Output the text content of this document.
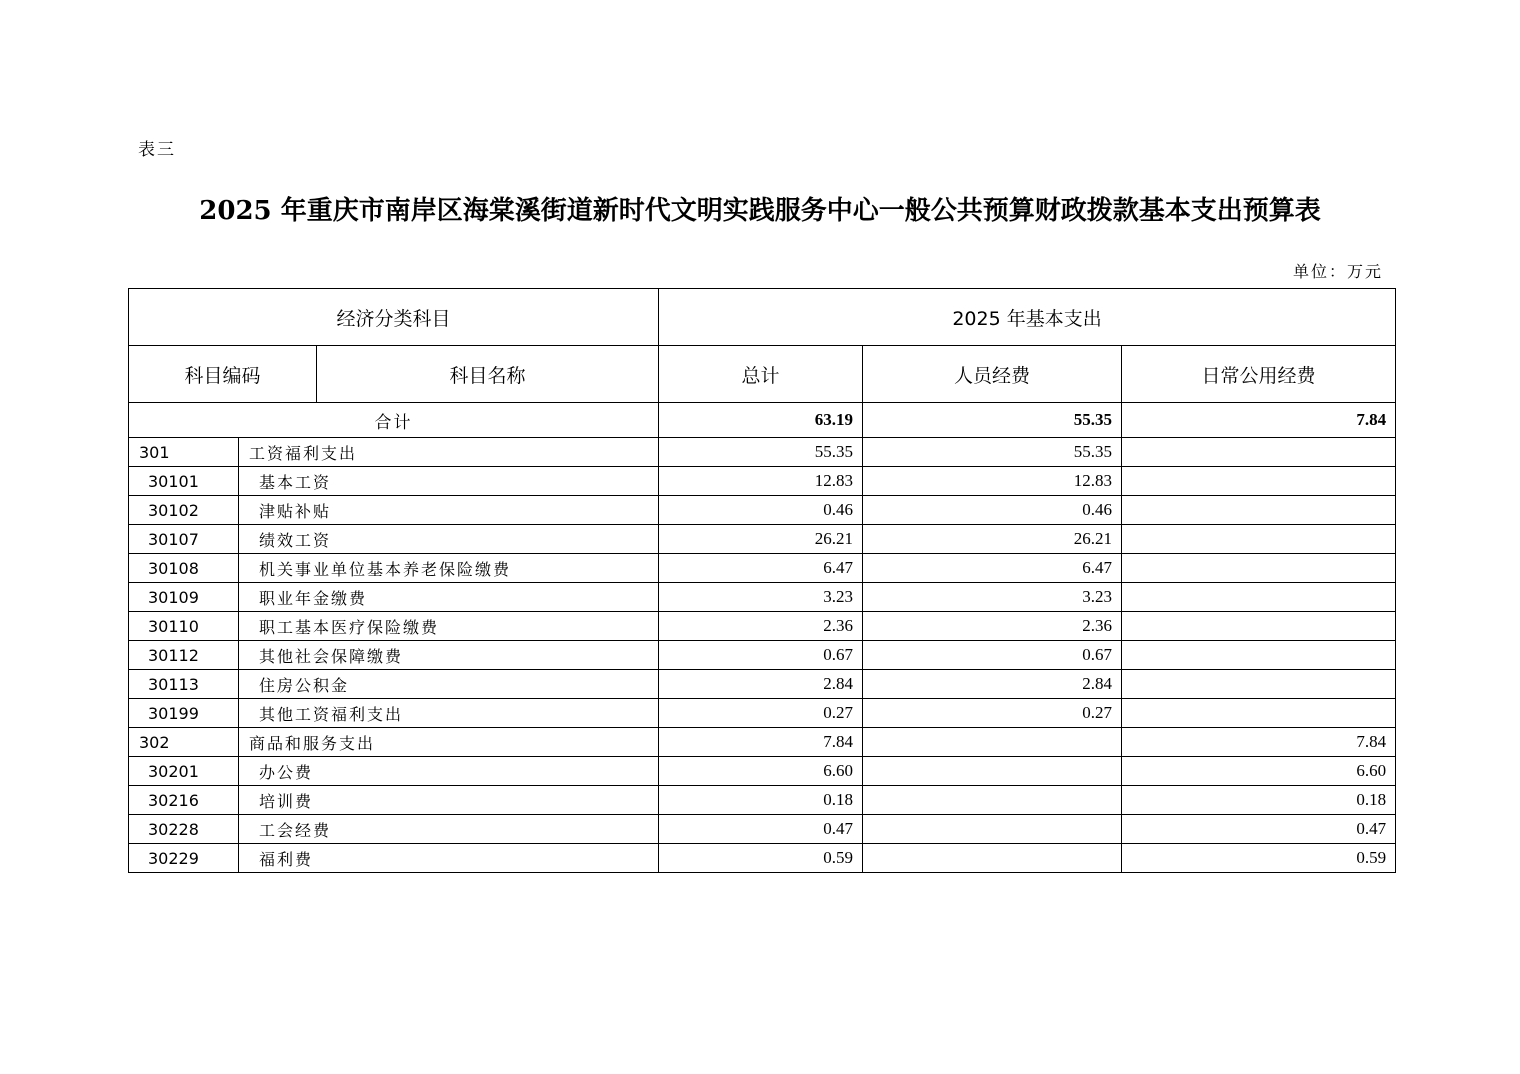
表三
2025 年重庆市南岸区海棠溪街道新时代文明实践服务中心一般公共预算财政拨款基本支出预算表
单位：万元
经济分类科目			2025 年基本支出		
科目编码		科目名称	总计	人员经费	日常公用经费
合计			63.19	55.35	7.84
301	工资福利支出		55.35	55.35	
30101	基本工资		12.83	12.83	
30102	津贴补贴		0.46	0.46	
30107	绩效工资		26.21	26.21	
30108	机关事业单位基本养老保险缴费		6.47	6.47	
30109	职业年金缴费		3.23	3.23	
30110	职工基本医疗保险缴费		2.36	2.36	
30112	其他社会保障缴费		0.67	0.67	
30113	住房公积金		2.84	2.84	
30199	其他工资福利支出		0.27	0.27	
302	商品和服务支出		7.84		7.84
30201	办公费		6.60		6.60
30216	培训费		0.18		0.18
30228	工会经费		0.47		0.47
30229	福利费		0.59		0.59
